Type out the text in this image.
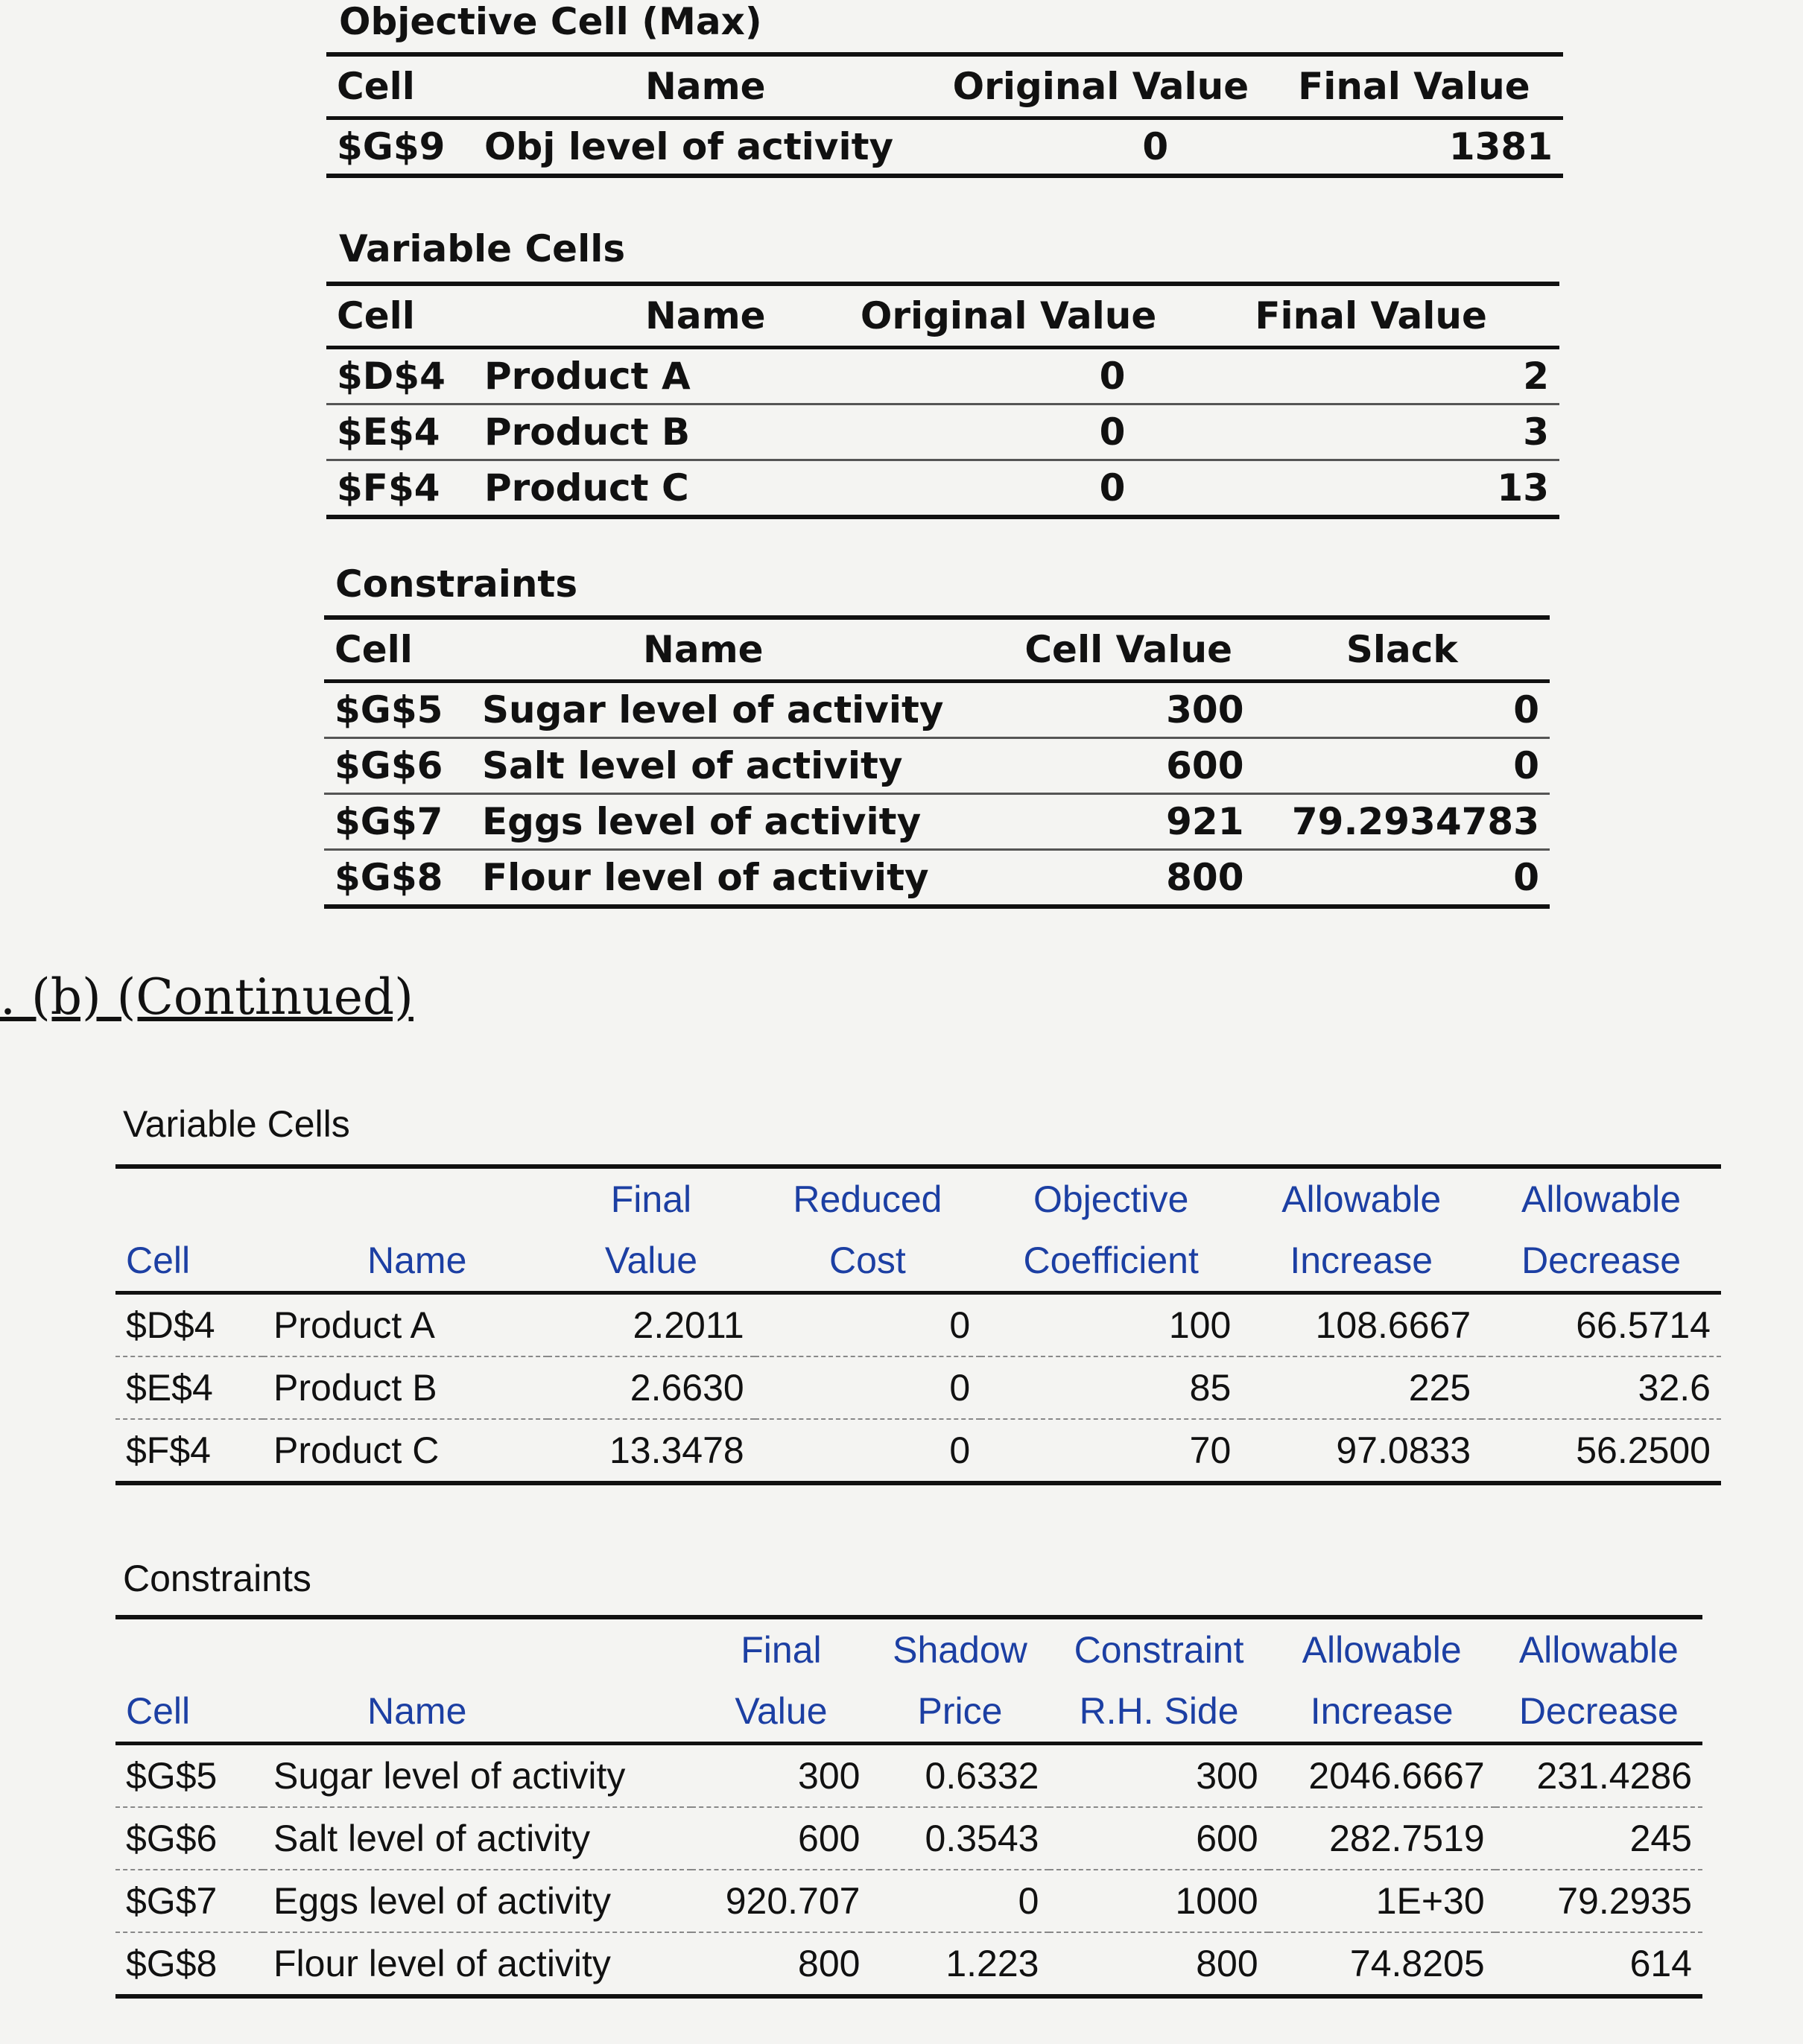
Objective Cell (Max)
Cell	Name	Original Value	Final Value
$G$9	Obj level of activity	0	1381
Variable Cells
Cell	Name	Original Value	Final Value
$D$4	Product A	0	2
$E$4	Product B	0	3
$F$4	Product C	0	13
Constraints
Cell	Name	Cell Value	Slack
$G$5	Sugar level of activity	300	0
$G$6	Salt level of activity	600	0
$G$7	Eggs level of activity	921	79.2934783
$G$8	Flour level of activity	800	0
. (b) (Continued)
Variable Cells
		Final	Reduced	Objective	Allowable	Allowable
Cell	Name	Value	Cost	Coefficient	Increase	Decrease
$D$4	Product A	2.2011	0	100	108.6667	66.5714
$E$4	Product B	2.6630	0	85	225	32.6
$F$4	Product C	13.3478	0	70	97.0833	56.2500
Constraints
		Final	Shadow	Constraint	Allowable	Allowable
Cell	Name	Value	Price	R.H. Side	Increase	Decrease
$G$5	Sugar level of activity	300	0.6332	300	2046.6667	231.4286
$G$6	Salt level of activity	600	0.3543	600	282.7519	245
$G$7	Eggs level of activity	920.707	0	1000	1E+30	79.2935
$G$8	Flour level of activity	800	1.223	800	74.8205	614
